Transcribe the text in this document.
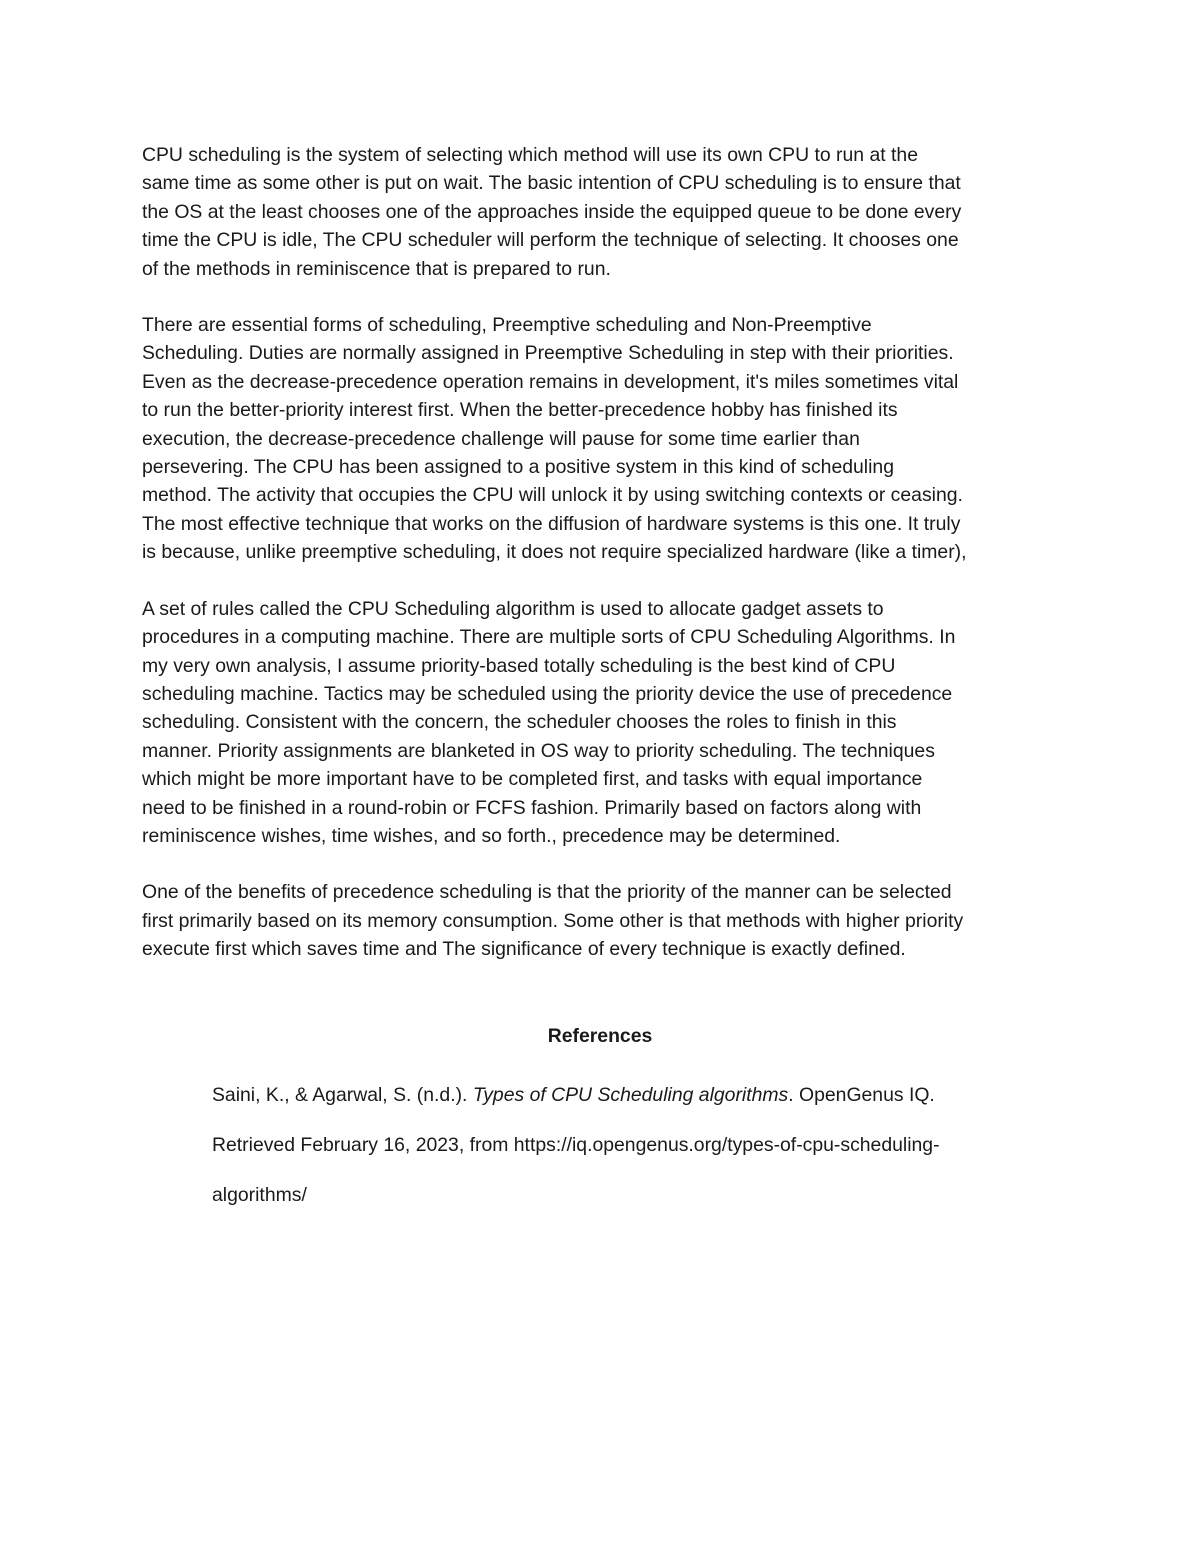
CPU scheduling is the system of selecting which method will use its own CPU to run at the
same time as some other is put on wait. The basic intention of CPU scheduling is to ensure that
the OS at the least chooses one of the approaches inside the equipped queue to be done every
time the CPU is idle, The CPU scheduler will perform the technique of selecting. It chooses one
of the methods in reminiscence that is prepared to run.

There are essential forms of scheduling, Preemptive scheduling and Non-Preemptive
Scheduling. Duties are normally assigned in Preemptive Scheduling in step with their priorities.
Even as the decrease-precedence operation remains in development, it's miles sometimes vital
to run the better-priority interest first. When the better-precedence hobby has finished its
execution, the decrease-precedence challenge will pause for some time earlier than
persevering. The CPU has been assigned to a positive system in this kind of scheduling
method. The activity that occupies the CPU will unlock it by using switching contexts or ceasing.
The most effective technique that works on the diffusion of hardware systems is this one. It truly
is because, unlike preemptive scheduling, it does not require specialized hardware (like a timer),

A set of rules called the CPU Scheduling algorithm is used to allocate gadget assets to
procedures in a computing machine. There are multiple sorts of CPU Scheduling Algorithms. In
my very own analysis, I assume priority-based totally scheduling is the best kind of CPU
scheduling machine. Tactics may be scheduled using the priority device the use of precedence
scheduling. Consistent with the concern, the scheduler chooses the roles to finish in this
manner. Priority assignments are blanketed in OS way to priority scheduling. The techniques
which might be more important have to be completed first, and tasks with equal importance
need to be finished in a round-robin or FCFS fashion. Primarily based on factors along with
reminiscence wishes, time wishes, and so forth., precedence may be determined.

One of the benefits of precedence scheduling is that the priority of the manner can be selected
first primarily based on its memory consumption. Some other is that methods with higher priority
execute first which saves time and The significance of every technique is exactly defined.

References

Saini, K., & Agarwal, S. (n.d.). Types of CPU Scheduling algorithms. OpenGenus IQ.
Retrieved February 16, 2023, from https://iq.opengenus.org/types-of-cpu-scheduling-
algorithms/
